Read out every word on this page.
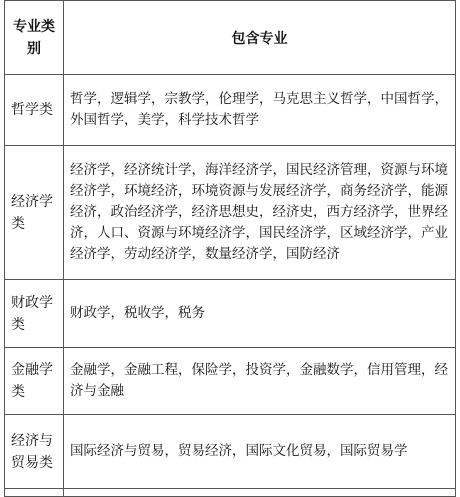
专业类别	包含专业
哲学类	哲学，逻辑学，宗教学，伦理学，马克思主义哲学，中国哲学，外国哲学，美学，科学技术哲学
经济学类	经济学，经济统计学，海洋经济学，国民经济管理，资源与环境经济学，环境经济，环境资源与发展经济学，商务经济学，能源经济，政治经济学，经济思想史，经济史，西方经济学，世界经济，人口、资源与环境经济学，国民经济学，区域经济学，产业经济学，劳动经济学，数量经济学，国防经济
财政学类	财政学，税收学，税务
金融学类	金融学，金融工程，保险学，投资学，金融数学，信用管理，经济与金融
经济与贸易类	国际经济与贸易，贸易经济，国际文化贸易，国际贸易学
